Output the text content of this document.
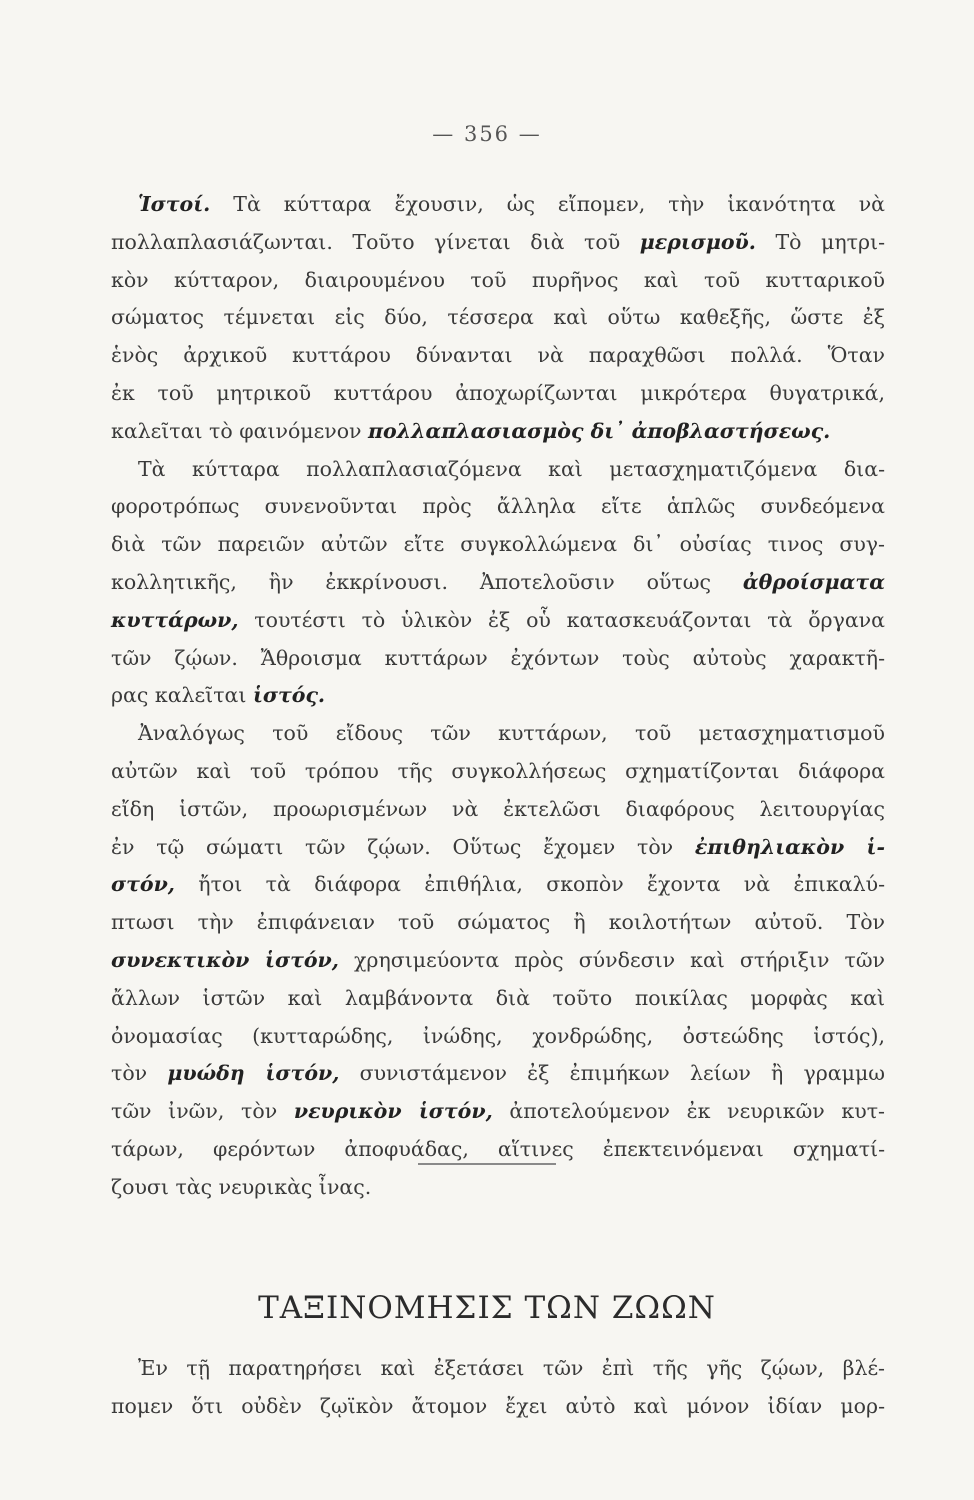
— 356 —
Ἱστοί. Τὰ κύτταρα ἔχουσιν, ὡς εἴπομεν, τὴν ἱκανότητα νὰ
πολλαπλασιάζωνται. Τοῦτο γίνεται διὰ τοῦ μερισμοῦ. Τὸ μητρι-
κὸν κύτταρον, διαιρουμένου τοῦ πυρῆνος καὶ τοῦ κυτταρικοῦ
σώματος τέμνεται εἰς δύο, τέσσερα καὶ οὕτω καθεξῆς, ὥστε ἐξ
ἑνὸς ἀρχικοῦ κυττάρου δύνανται νὰ παραχθῶσι πολλά. Ὅταν
ἐκ τοῦ μητρικοῦ κυττάρου ἀποχωρίζωνται μικρότερα θυγατρικά,
καλεῖται τὸ φαινόμενον πολλαπλασιασμὸς δι᾽ ἀποβλαστήσεως.
Τὰ κύτταρα πολλαπλασιαζόμενα καὶ μετασχηματιζόμενα δια-
φοροτρόπως συνενοῦνται πρὸς ἄλληλα εἴτε ἁπλῶς συνδεόμενα
διὰ τῶν παρειῶν αὐτῶν εἴτε συγκολλώμενα δι᾽ οὐσίας τινος συγ-
κολλητικῆς, ἣν ἐκκρίνουσι. Ἀποτελοῦσιν οὕτως ἀθροίσματα
κυττάρων, τουτέστι τὸ ὑλικὸν ἐξ οὗ κατασκευάζονται τὰ ὄργανα
τῶν ζῴων. Ἄθροισμα κυττάρων ἐχόντων τοὺς αὐτοὺς χαρακτῆ-
ρας καλεῖται ἱστός.
Ἀναλόγως τοῦ εἴδους τῶν κυττάρων, τοῦ μετασχηματισμοῦ
αὐτῶν καὶ τοῦ τρόπου τῆς συγκολλήσεως σχηματίζονται διάφορα
εἴδη ἱστῶν, προωρισμένων νὰ ἐκτελῶσι διαφόρους λειτουργίας
ἐν τῷ σώματι τῶν ζῴων. Οὕτως ἔχομεν τὸν ἐπιθηλιακὸν ἱ-
στόν, ἤτοι τὰ διάφορα ἐπιθήλια, σκοπὸν ἔχοντα νὰ ἐπικαλύ-
πτωσι τὴν ἐπιφάνειαν τοῦ σώματος ἢ κοιλοτήτων αὐτοῦ. Τὸν
συνεκτικὸν ἱστόν, χρησιμεύοντα πρὸς σύνδεσιν καὶ στήριξιν τῶν
ἄλλων ἱστῶν καὶ λαμβάνοντα διὰ τοῦτο ποικίλας μορφὰς καὶ
ὀνομασίας (κυτταρώδης, ἰνώδης, χονδρώδης, ὀστεώδης ἱστός),
τὸν μυώδη ἱστόν, συνιστάμενον ἐξ ἐπιμήκων λείων ἢ γραμμω
τῶν ἰνῶν, τὸν νευρικὸν ἱστόν, ἀποτελούμενον ἐκ νευρικῶν κυτ-
τάρων, φερόντων ἀποφυάδας, αἵτινες ἐπεκτεινόμεναι σχηματί-
ζουσι τὰς νευρικὰς ἶνας.
ΤΑΞΙΝΟΜΗΣΙΣ ΤΩΝ ΖΩΩΝ
Ἐν τῇ παρατηρήσει καὶ ἐξετάσει τῶν ἐπὶ τῆς γῆς ζῴων, βλέ-
πομεν ὅτι οὐδὲν ζῳϊκὸν ἄτομον ἔχει αὐτὸ καὶ μόνον ἰδίαν μορ-
